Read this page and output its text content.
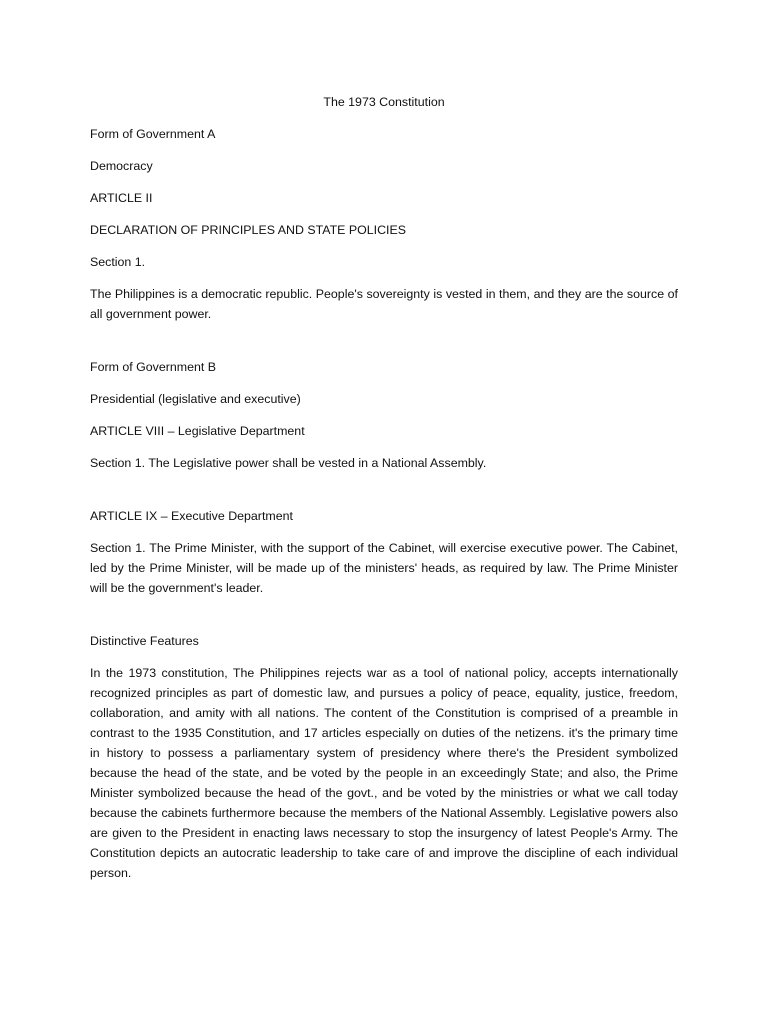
The 1973 Constitution

Form of Government A

Democracy

ARTICLE II

DECLARATION OF PRINCIPLES AND STATE POLICIES

Section 1.

The Philippines is a democratic republic. People's sovereignty is vested in them, and they are the source of all government power.

Form of Government B

Presidential (legislative and executive)

ARTICLE VIII – Legislative Department

Section 1. The Legislative power shall be vested in a National Assembly.

ARTICLE IX – Executive Department

Section 1. The Prime Minister, with the support of the Cabinet, will exercise executive power. The Cabinet, led by the Prime Minister, will be made up of the ministers' heads, as required by law. The Prime Minister will be the government's leader.

Distinctive Features

In the 1973 constitution, The Philippines rejects war as a tool of national policy, accepts internationally recognized principles as part of domestic law, and pursues a policy of peace, equality, justice, freedom, collaboration, and amity with all nations. The content of the Constitution is comprised of a preamble in contrast to the 1935 Constitution, and 17 articles especially on duties of the netizens. it's the primary time in history to possess a parliamentary system of presidency where there's the President symbolized because the head of the state, and be voted by the people in an exceedingly State; and also, the Prime Minister symbolized because the head of the govt., and be voted by the ministries or what we call today because the cabinets furthermore because the members of the National Assembly. Legislative powers also are given to the President in enacting laws necessary to stop the insurgency of latest People's Army. The Constitution depicts an autocratic leadership to take care of and improve the discipline of each individual person.
